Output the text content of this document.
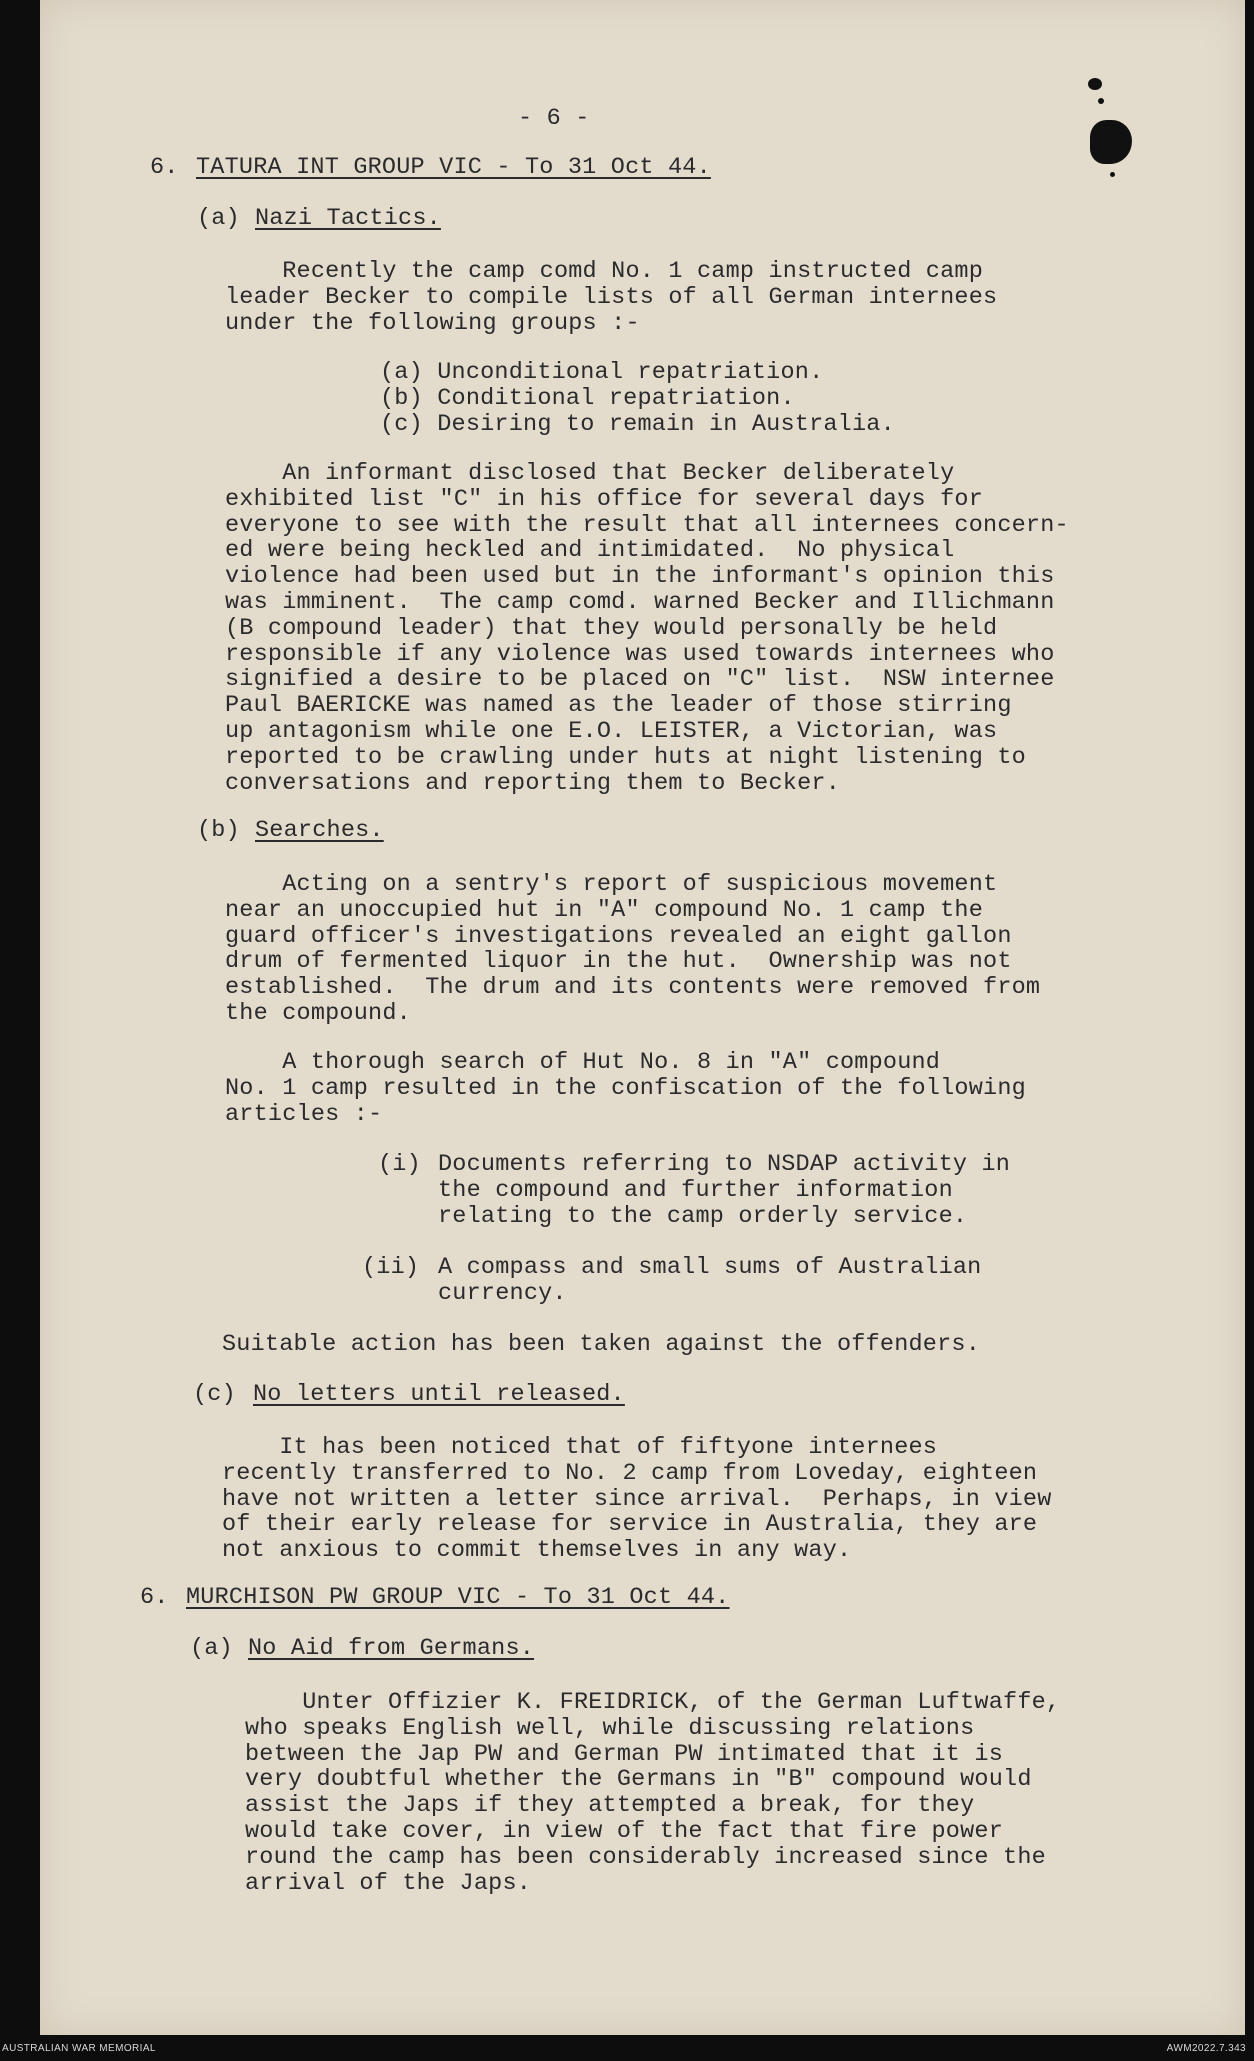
- 6 -

6. TATURA INT GROUP VIC - To 31 Oct 44.

(a) Nazi Tactics.

Recently the camp comd No. 1 camp instructed camp
leader Becker to compile lists of all German internees
under the following groups :-
(a) Unconditional repatriation.
(b) Conditional repatriation.
(c) Desiring to remain in Australia.
An informant disclosed that Becker deliberately
exhibited list "C" in his office for several days for
everyone to see with the result that all internees concern-
ed were being heckled and intimidated.  No physical
violence had been used but in the informant's opinion this
was imminent.  The camp comd. warned Becker and Illichmann
(B compound leader) that they would personally be held
responsible if any violence was used towards internees who
signified a desire to be placed on "C" list.  NSW internee
Paul BAERICKE was named as the leader of those stirring
up antagonism while one E.O. LEISTER, a Victorian, was
reported to be crawling under huts at night listening to
conversations and reporting them to Becker.

(b) Searches.

Acting on a sentry's report of suspicious movement
near an unoccupied hut in "A" compound No. 1 camp the
guard officer's investigations revealed an eight gallon
drum of fermented liquor in the hut.  Ownership was not
established.  The drum and its contents were removed from
the compound.
A thorough search of Hut No. 8 in "A" compound
No. 1 camp resulted in the confiscation of the following
articles :-

(i) Documents referring to NSDAP activity in
the compound and further information
relating to the camp orderly service.

(ii) A compass and small sums of Australian
currency.

Suitable action has been taken against the offenders.

(c) No letters until released.

It has been noticed that of fiftyone internees
recently transferred to No. 2 camp from Loveday, eighteen
have not written a letter since arrival.  Perhaps, in view
of their early release for service in Australia, they are
not anxious to commit themselves in any way.

6. MURCHISON PW GROUP VIC - To 31 Oct 44.

(a) No Aid from Germans.

Unter Offizier K. FREIDRICK, of the German Luftwaffe,
who speaks English well, while discussing relations
between the Jap PW and German PW intimated that it is
very doubtful whether the Germans in "B" compound would
assist the Japs if they attempted a break, for they
would take cover, in view of the fact that fire power
round the camp has been considerably increased since the
arrival of the Japs.
AUSTRALIAN WAR MEMORIAL	AWM2022.7.343
